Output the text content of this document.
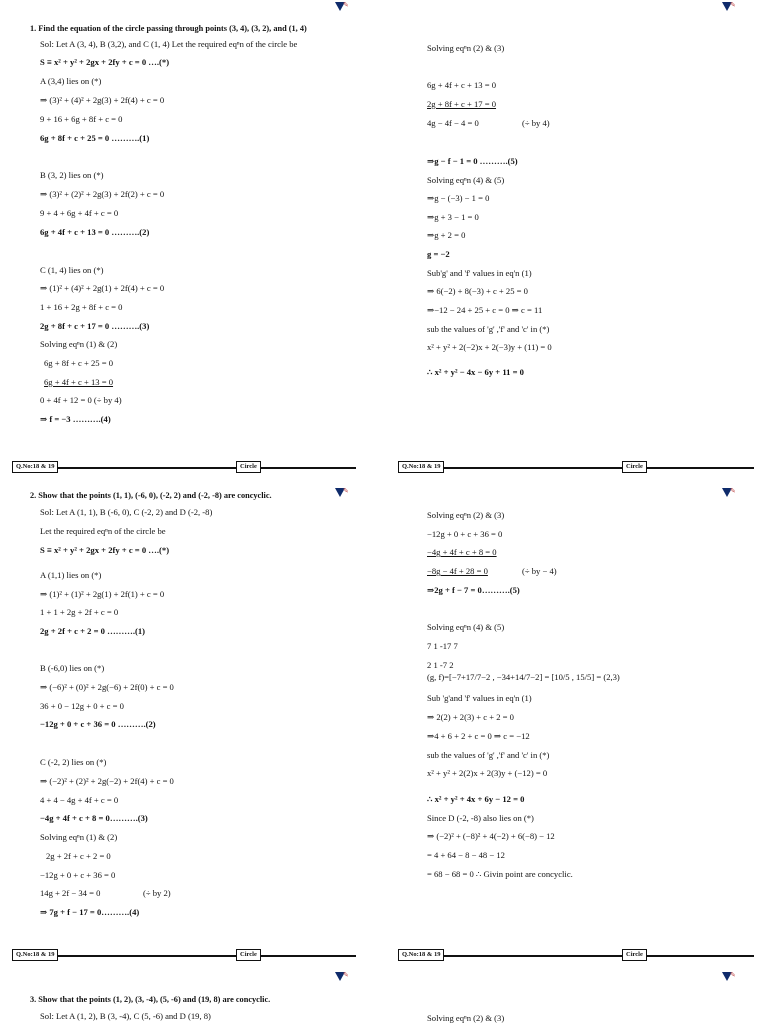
✎	✎
✎	✎
✎	✎
1. Find the equation of the circle passing through points (3, 4), (3, 2), and (1, 4)
Sol: Let A (3, 4), B (3,2), and C (1, 4) Let the required eqⁿn of the circle be
S ≡ x² + y² + 2gx + 2fy + c = 0 ….(*)
A (3,4) lies on (*)
⇒ (3)² + (4)² + 2g(3) + 2f(4) + c = 0
9 + 16 + 6g + 8f + c = 0
6g + 8f + c + 25 = 0 ……….(1)
B (3, 2) lies on (*)
⇒ (3)² + (2)² + 2g(3) + 2f(2) + c = 0
9 + 4 + 6g + 4f + c = 0
6g + 4f + c + 13 = 0 ……….(2)
C (1, 4) lies on (*)
⇒ (1)² + (4)² + 2g(1) + 2f(4) + c = 0
1 + 16 + 2g + 8f + c = 0
2g + 8f + c + 17 = 0 ……….(3)
Solving eqⁿn (1) & (2)
6g + 8f + c + 25 = 0
6g + 4f + c + 13 = 0
0 + 4f + 12 = 0 (÷ by 4)
⇒ f = −3 ……….(4)
Solving eqⁿn (2) & (3)
6g + 4f + c + 13 = 0
2g + 8f + c + 17 = 0
4g − 4f − 4 = 0	(÷ by 4)
⇒g − f − 1 = 0 ……….(5)
Solving eqⁿn (4) & (5)
⇒g − (−3) − 1 = 0
⇒g + 3 − 1 = 0
⇒g + 2 = 0
g = −2
Sub'g' and 'f' values in eq'n (1)
⇒ 6(−2) + 8(−3) + c + 25 = 0
⇒−12 − 24 + 25 + c = 0 ⇒ c = 11
sub the values of 'g' ,'f' and 'c' in (*)
x² + y² + 2(−2)x + 2(−3)y + (11) = 0
∴ x² + y² − 4x − 6y + 11 = 0
Q.No:18 & 19	Circle	Q.No:18 & 19	Circle
2. Show that the points (1, 1), (-6, 0), (-2, 2) and (-2, -8) are concyclic.
Sol: Let A (1, 1), B (-6, 0), C (-2, 2) and D (-2, -8)
Let the required eqⁿn of the circle be
S ≡ x² + y² + 2gx + 2fy + c = 0 ….(*)
A (1,1) lies on (*)
⇒ (1)² + (1)² + 2g(1) + 2f(1) + c = 0
1 + 1 + 2g + 2f + c = 0
2g + 2f + c + 2 = 0 ……….(1)
B (-6,0) lies on (*)
⇒ (−6)² + (0)² + 2g(−6) + 2f(0) + c = 0
36 + 0 − 12g + 0 + c = 0
−12g + 0 + c + 36 = 0 ……….(2)
C (-2, 2) lies on (*)
⇒ (−2)² + (2)² + 2g(−2) + 2f(4) + c = 0
4 + 4 − 4g + 4f + c = 0
−4g + 4f + c + 8 = 0……….(3)
Solving eqⁿn (1) & (2)
2g + 2f + c + 2 = 0
−12g + 0 + c + 36 = 0
14g + 2f − 34 = 0	(÷ by 2)
⇒ 7g + f − 17 = 0……….(4)
Solving eqⁿn (2) & (3)
−12g + 0 + c + 36 = 0
−4g + 4f + c + 8 = 0
−8g − 4f + 28 = 0	(÷ by − 4)
⇒2g + f − 7 = 0……….(5)
Solving eqⁿn (4) & (5)
7 1 -17 7
2 1 -7 2
(g, f)=[−7+17/7−2 , −34+14/7−2] = [10/5 , 15/5] = (2,3)
Sub 'g'and 'f' values in eq'n (1)
⇒ 2(2) + 2(3) + c + 2 = 0
⇒4 + 6 + 2 + c = 0 ⇒ c = −12
sub the values of 'g' ,'f' and 'c' in (*)
x² + y² + 2(2)x + 2(3)y + (−12) = 0
∴ x² + y² + 4x + 6y − 12 = 0
Since D (-2, -8) also lies on (*)
⇒ (−2)² + (−8)² + 4(−2) + 6(−8) − 12
= 4 + 64 − 8 − 48 − 12
= 68 − 68 = 0 ∴ Givin point are concyclic.
Q.No:18 & 19	Circle	Q.No:18 & 19	Circle
3. Show that the points (1, 2), (3, -4), (5, -6) and (19, 8) are concyclic.
Sol: Let A (1, 2), B (3, -4), C (5, -6) and D (19, 8)	Solving eqⁿn (2) & (3)
